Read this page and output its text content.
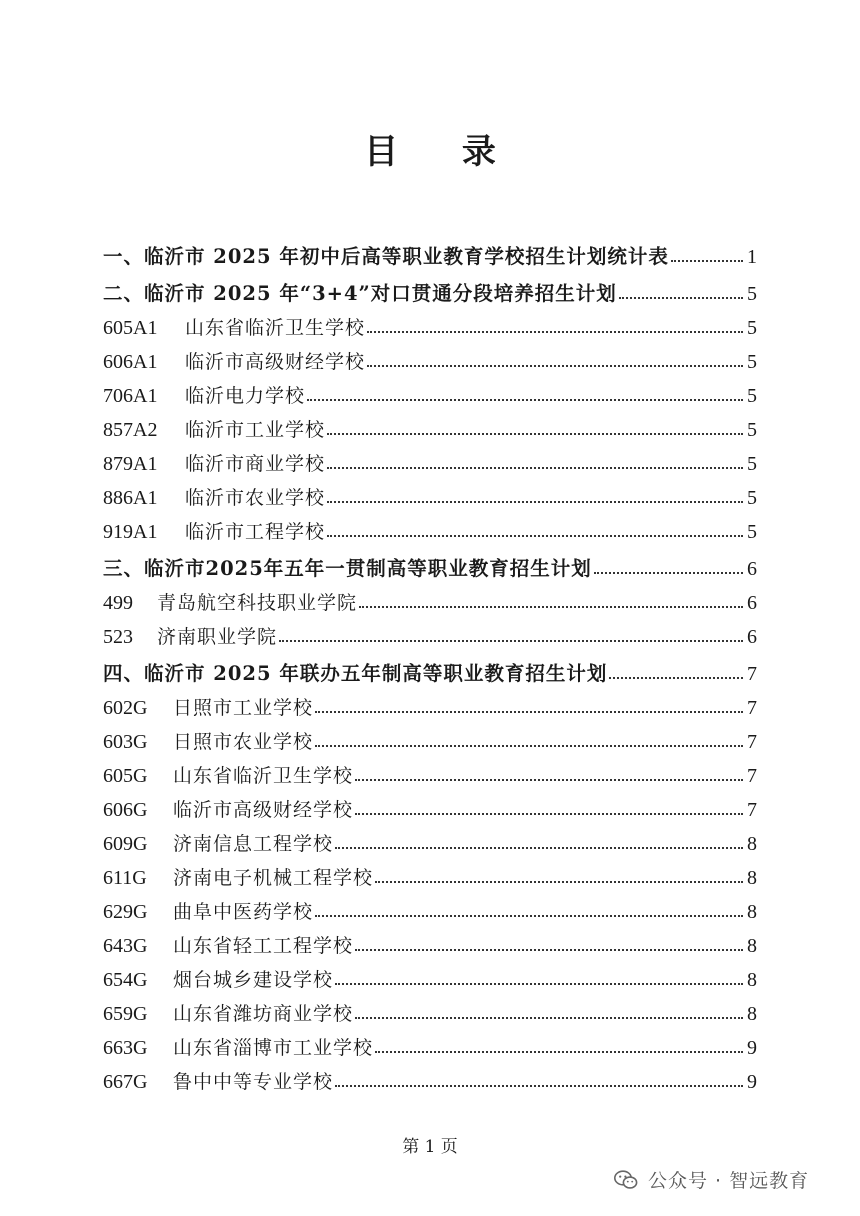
目 录
一、临沂市 2025 年初中后高等职业教育学校招生计划统计表	1
二、临沂市 2025 年“3+4”对口贯通分段培养招生计划	5
605A1	山东省临沂卫生学校	5
606A1	临沂市高级财经学校	5
706A1	临沂电力学校	5
857A2	临沂市工业学校	5
879A1	临沂市商业学校	5
886A1	临沂市农业学校	5
919A1	临沂市工程学校	5
三、临沂市2025年五年一贯制高等职业教育招生计划	6
499	青岛航空科技职业学院	6
523	济南职业学院	6
四、临沂市 2025 年联办五年制高等职业教育招生计划	7
602G	日照市工业学校	7
603G	日照市农业学校	7
605G	山东省临沂卫生学校	7
606G	临沂市高级财经学校	7
609G	济南信息工程学校	8
611G	济南电子机械工程学校	8
629G	曲阜中医药学校	8
643G	山东省轻工工程学校	8
654G	烟台城乡建设学校	8
659G	山东省潍坊商业学校	8
663G	山东省淄博市工业学校	9
667G	鲁中中等专业学校	9
第 1 页
公众号 · 智远教育
